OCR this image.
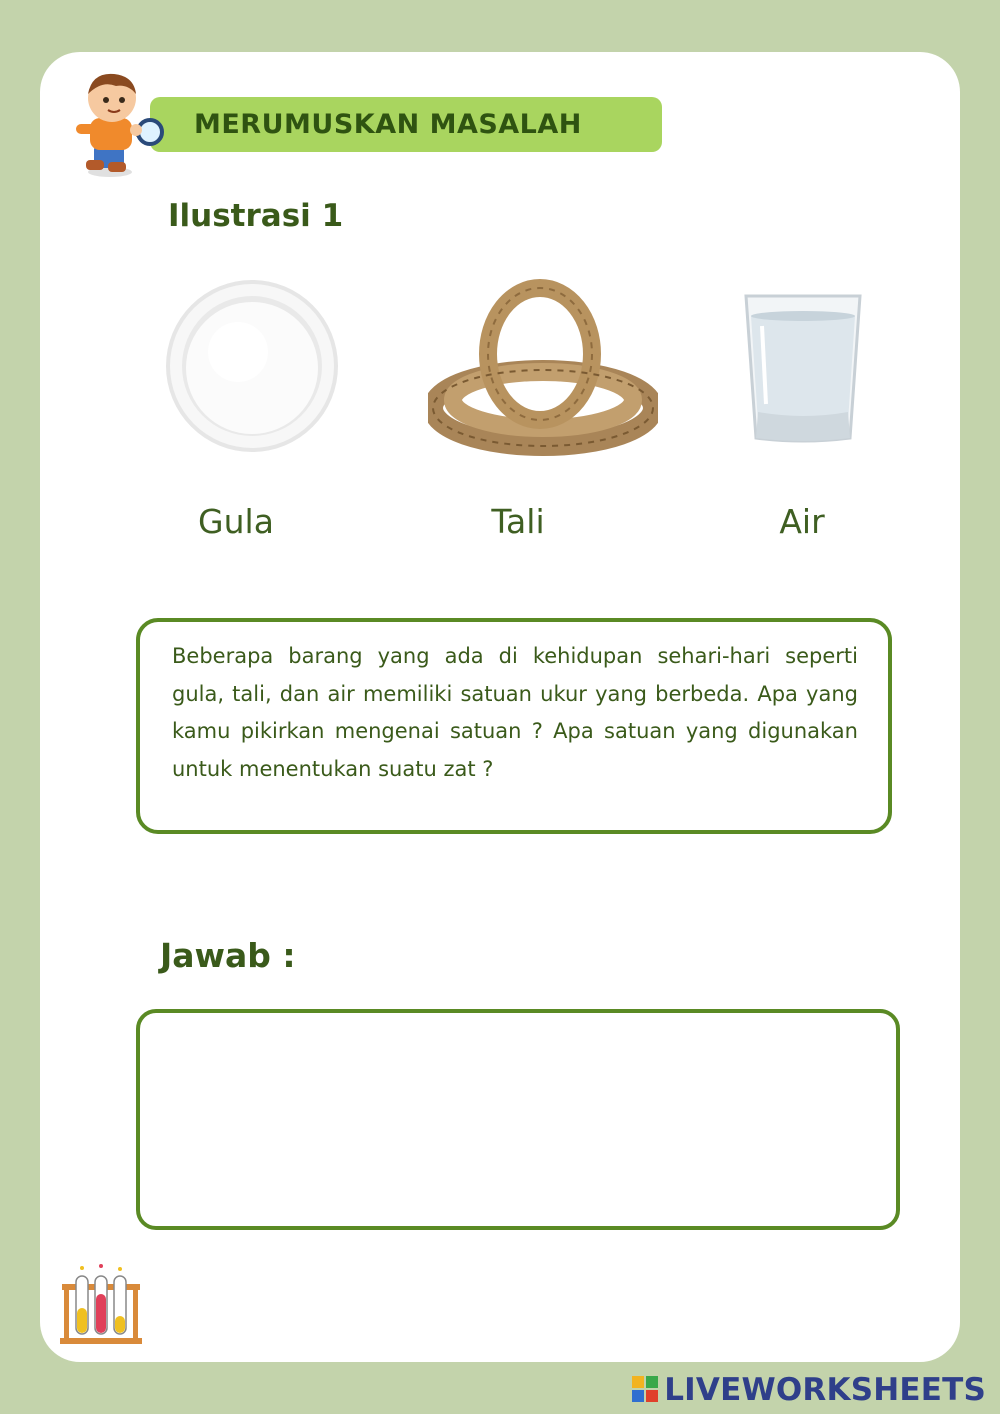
MERUMUSKAN MASALAH
Ilustrasi 1
Gula	Tali	Air
Beberapa barang yang ada di kehidupan sehari-hari seperti gula, tali, dan air memiliki satuan ukur yang berbeda. Apa yang kamu pikirkan mengenai satuan ? Apa satuan yang digunakan untuk menentukan suatu zat ?
Jawab :
LIVEWORKSHEETS
